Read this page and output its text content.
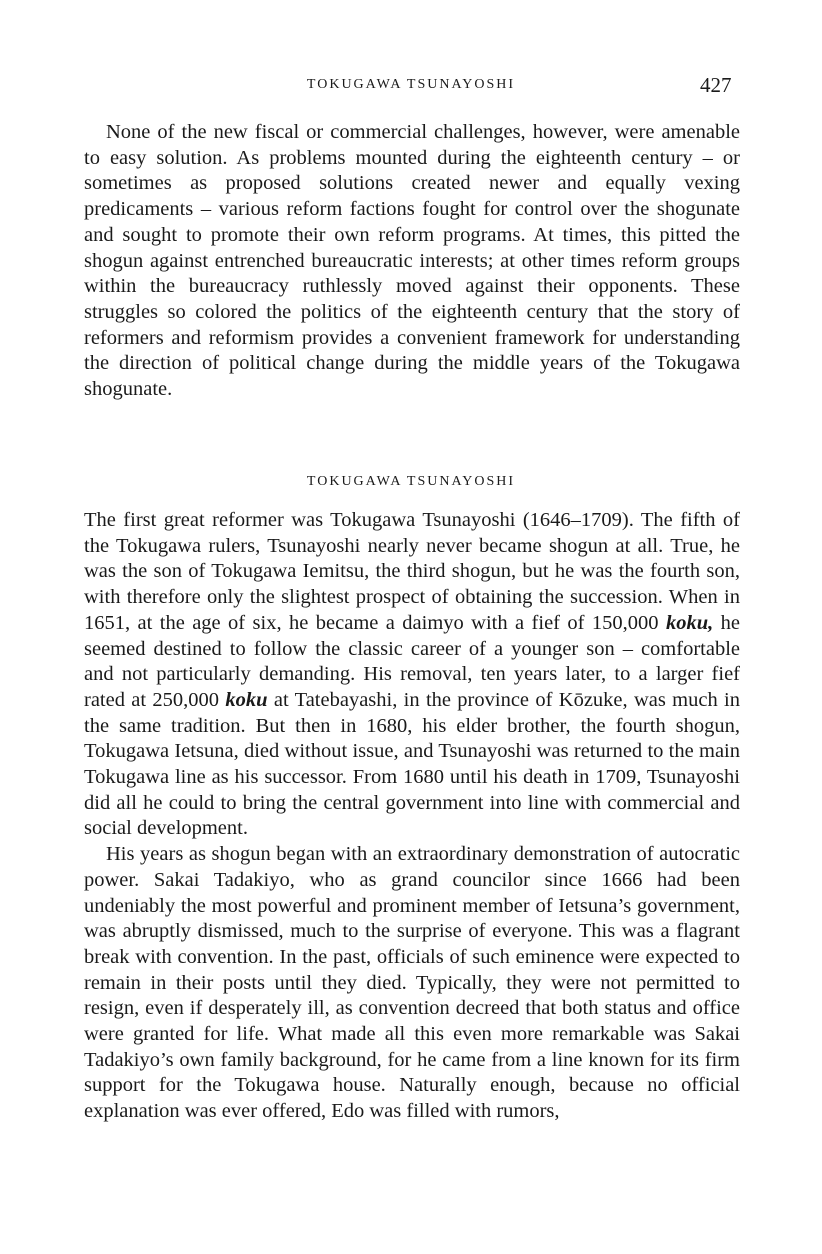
TOKUGAWA TSUNAYOSHI	427

None of the new fiscal or commercial challenges, however, were amenable to easy solution. As problems mounted during the eighteenth century – or sometimes as proposed solutions created newer and equally vexing predicaments – various reform factions fought for control over the shogunate and sought to promote their own reform programs. At times, this pitted the shogun against entrenched bureaucratic interests; at other times reform groups within the bureaucracy ruthlessly moved against their opponents. These struggles so colored the politics of the eighteenth century that the story of reformers and reformism provides a convenient framework for understanding the direction of political change during the middle years of the Tokugawa shogunate.

TOKUGAWA TSUNAYOSHI

The first great reformer was Tokugawa Tsunayoshi (1646–1709). The fifth of the Tokugawa rulers, Tsunayoshi nearly never became shogun at all. True, he was the son of Tokugawa Iemitsu, the third shogun, but he was the fourth son, with therefore only the slightest prospect of obtaining the succession. When in 1651, at the age of six, he became a daimyo with a fief of 150,000 koku, he seemed destined to follow the classic career of a younger son – comfortable and not particularly demanding. His removal, ten years later, to a larger fief rated at 250,000 koku at Tatebayashi, in the province of Kōzuke, was much in the same tradition. But then in 1680, his elder brother, the fourth shogun, Tokugawa Ietsuna, died without issue, and Tsunayoshi was returned to the main Tokugawa line as his successor. From 1680 until his death in 1709, Tsunayoshi did all he could to bring the central government into line with commercial and social development.

His years as shogun began with an extraordinary demonstration of autocratic power. Sakai Tadakiyo, who as grand councilor since 1666 had been undeniably the most powerful and prominent member of Ietsuna’s government, was abruptly dismissed, much to the surprise of everyone. This was a flagrant break with convention. In the past, officials of such eminence were expected to remain in their posts until they died. Typically, they were not permitted to resign, even if desperately ill, as convention decreed that both status and office were granted for life. What made all this even more remarkable was Sakai Tadakiyo’s own family background, for he came from a line known for its firm support for the Tokugawa house. Naturally enough, because no official explanation was ever offered, Edo was filled with rumors,
